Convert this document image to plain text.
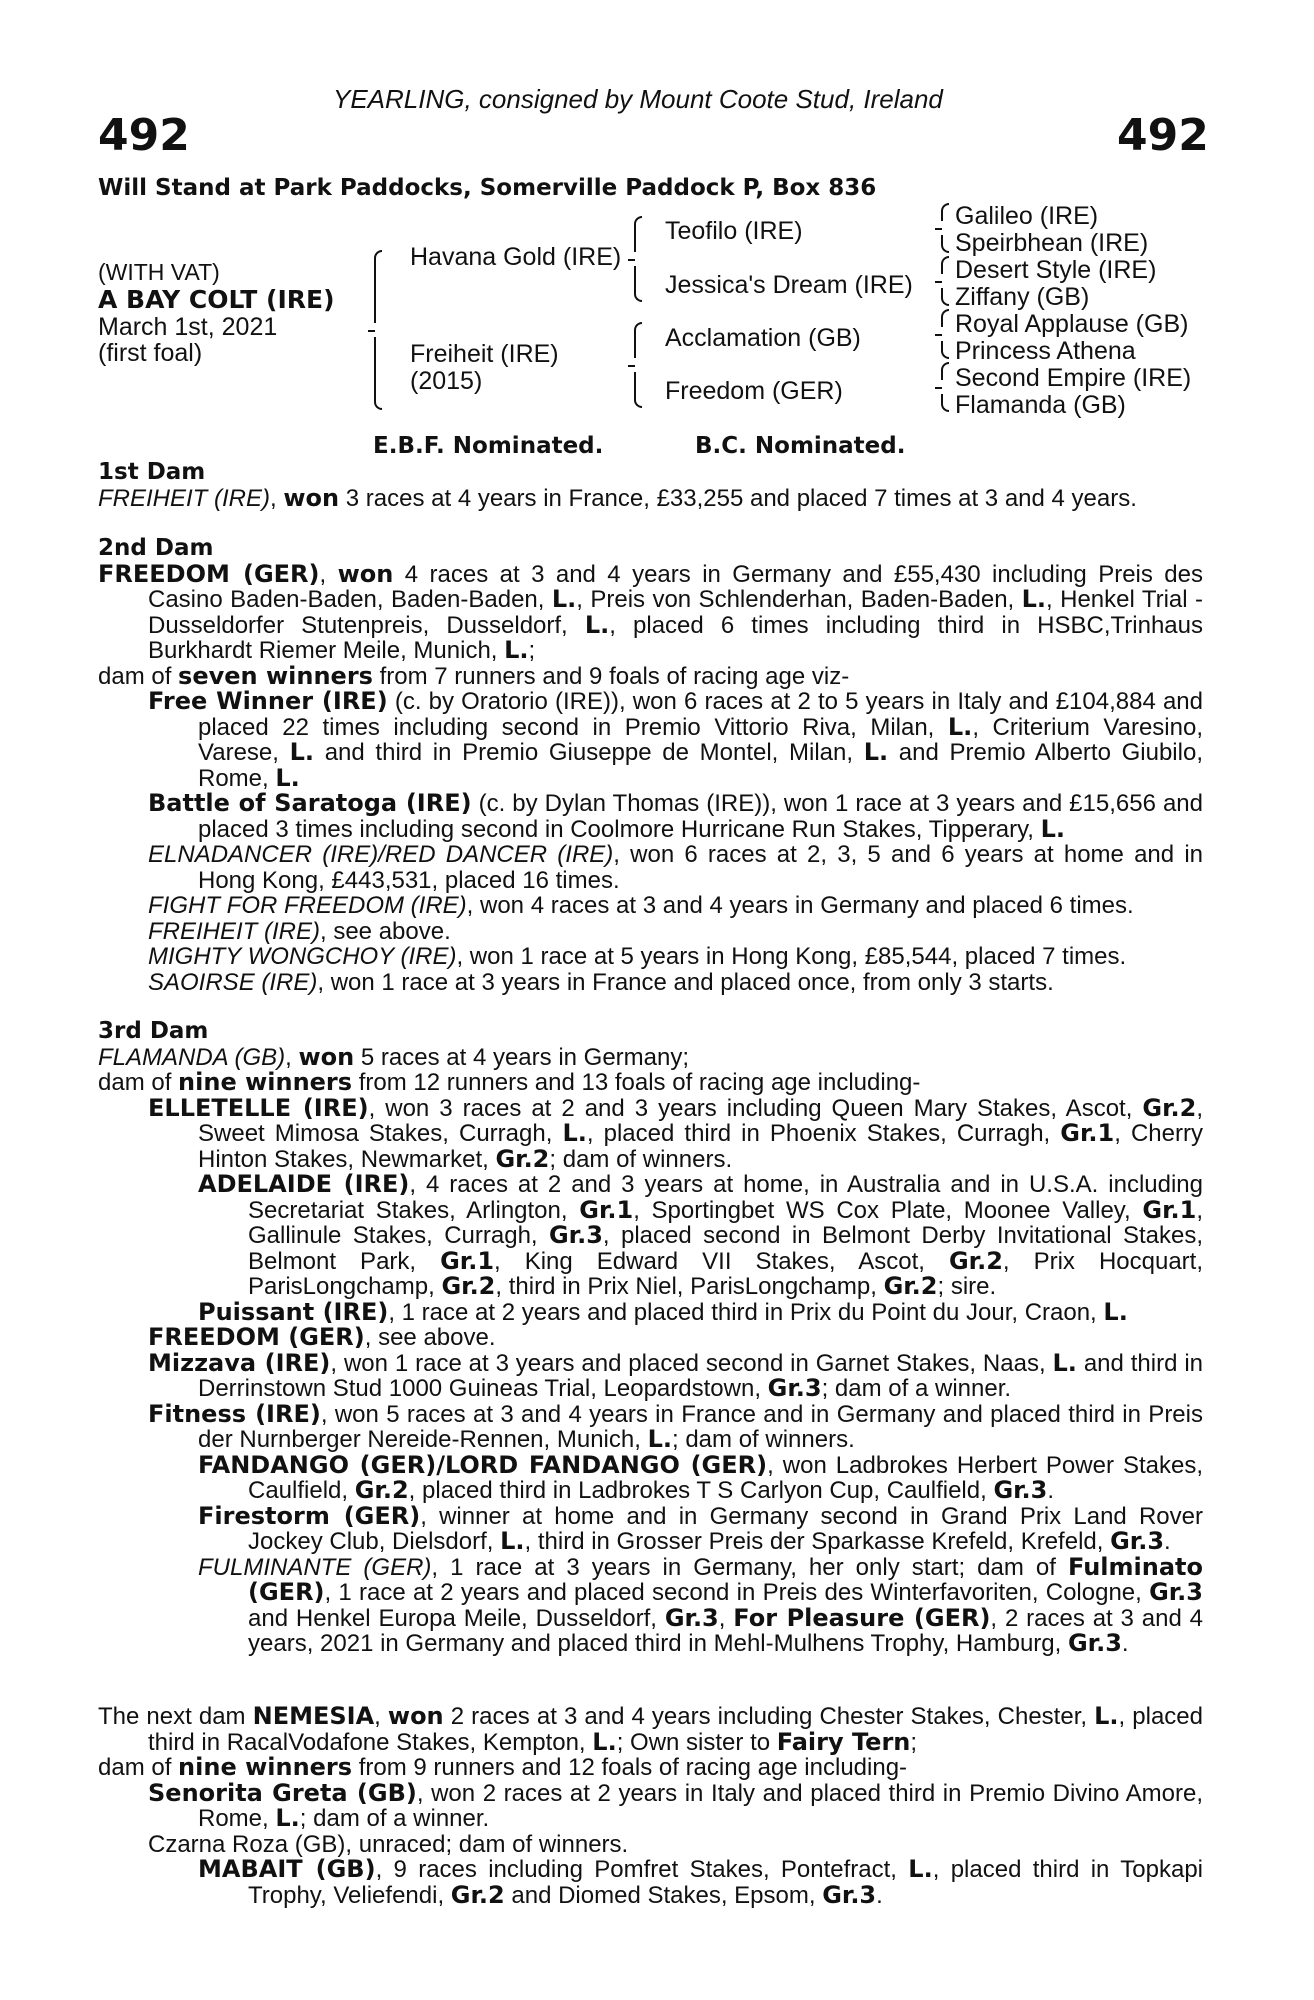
YEARLING, consigned by Mount Coote Stud, Ireland
492	492
Will Stand at Park Paddocks, Somerville Paddock P, Box 836
(WITH VAT)
A BAY COLT (IRE)
March 1st, 2021
(first foal)
Havana Gold (IRE)
Freiheit (IRE)
(2015)
Teofilo (IRE)
Jessica's Dream (IRE)
Acclamation (GB)
Freedom (GER)
Galileo (IRE)
Speirbhean (IRE)
Desert Style (IRE)
Ziffany (GB)
Royal Applause (GB)
Princess Athena
Second Empire (IRE)
Flamanda (GB)
E.B.F. Nominated.	B.C. Nominated.

1st Dam

FREIHEIT (IRE), won 3 races at 4 years in France, £33,255 and placed 7 times at 3 and 4 years.

2nd Dam

FREEDOM (GER), won 4 races at 3 and 4 years in Germany and £55,430 including Preis des Casino Baden-Baden, Baden-Baden, L., Preis von Schlenderhan, Baden-Baden, L., Henkel Trial - Dusseldorfer Stutenpreis, Dusseldorf, L., placed 6 times including third in HSBC,Trinhaus Burkhardt Riemer Meile, Munich, L.;

dam of seven winners from 7 runners and 9 foals of racing age viz-

Free Winner (IRE) (c. by Oratorio (IRE)), won 6 races at 2 to 5 years in Italy and £104,884 and placed 22 times including second in Premio Vittorio Riva, Milan, L., Criterium Varesino, Varese, L. and third in Premio Giuseppe de Montel, Milan, L. and Premio Alberto Giubilo, Rome, L.

Battle of Saratoga (IRE) (c. by Dylan Thomas (IRE)), won 1 race at 3 years and £15,656 and placed 3 times including second in Coolmore Hurricane Run Stakes, Tipperary, L.

ELNADANCER (IRE)/RED DANCER (IRE), won 6 races at 2, 3, 5 and 6 years at home and in Hong Kong, £443,531, placed 16 times.

FIGHT FOR FREEDOM (IRE), won 4 races at 3 and 4 years in Germany and placed 6 times.

FREIHEIT (IRE), see above.

MIGHTY WONGCHOY (IRE), won 1 race at 5 years in Hong Kong, £85,544, placed 7 times.

SAOIRSE (IRE), won 1 race at 3 years in France and placed once, from only 3 starts.

3rd Dam

FLAMANDA (GB), won 5 races at 4 years in Germany;

dam of nine winners from 12 runners and 13 foals of racing age including-

ELLETELLE (IRE), won 3 races at 2 and 3 years including Queen Mary Stakes, Ascot, Gr.2, Sweet Mimosa Stakes, Curragh, L., placed third in Phoenix Stakes, Curragh, Gr.1, Cherry Hinton Stakes, Newmarket, Gr.2; dam of winners.

ADELAIDE (IRE), 4 races at 2 and 3 years at home, in Australia and in U.S.A. including Secretariat Stakes, Arlington, Gr.1, Sportingbet WS Cox Plate, Moonee Valley, Gr.1, Gallinule Stakes, Curragh, Gr.3, placed second in Belmont Derby Invitational Stakes, Belmont Park, Gr.1, King Edward VII Stakes, Ascot, Gr.2, Prix Hocquart, ParisLongchamp, Gr.2, third in Prix Niel, ParisLongchamp, Gr.2; sire.

Puissant (IRE), 1 race at 2 years and placed third in Prix du Point du Jour, Craon, L.

FREEDOM (GER), see above.

Mizzava (IRE), won 1 race at 3 years and placed second in Garnet Stakes, Naas, L. and third in Derrinstown Stud 1000 Guineas Trial, Leopardstown, Gr.3; dam of a winner.

Fitness (IRE), won 5 races at 3 and 4 years in France and in Germany and placed third in Preis der Nurnberger Nereide-Rennen, Munich, L.; dam of winners.

FANDANGO (GER)/LORD FANDANGO (GER), won Ladbrokes Herbert Power Stakes, Caulfield, Gr.2, placed third in Ladbrokes T S Carlyon Cup, Caulfield, Gr.3.

Firestorm (GER), winner at home and in Germany second in Grand Prix Land Rover Jockey Club, Dielsdorf, L., third in Grosser Preis der Sparkasse Krefeld, Krefeld, Gr.3.

FULMINANTE (GER), 1 race at 3 years in Germany, her only start; dam of Fulminato (GER), 1 race at 2 years and placed second in Preis des Winterfavoriten, Cologne, Gr.3 and Henkel Europa Meile, Dusseldorf, Gr.3, For Pleasure (GER), 2 races at 3 and 4 years, 2021 in Germany and placed third in Mehl-Mulhens Trophy, Hamburg, Gr.3.

The next dam NEMESIA, won 2 races at 3 and 4 years including Chester Stakes, Chester, L., placed third in RacalVodafone Stakes, Kempton, L.; Own sister to Fairy Tern;

dam of nine winners from 9 runners and 12 foals of racing age including-

Senorita Greta (GB), won 2 races at 2 years in Italy and placed third in Premio Divino Amore, Rome, L.; dam of a winner.

Czarna Roza (GB), unraced; dam of winners.

MABAIT (GB), 9 races including Pomfret Stakes, Pontefract, L., placed third in Topkapi Trophy, Veliefendi, Gr.2 and Diomed Stakes, Epsom, Gr.3.
